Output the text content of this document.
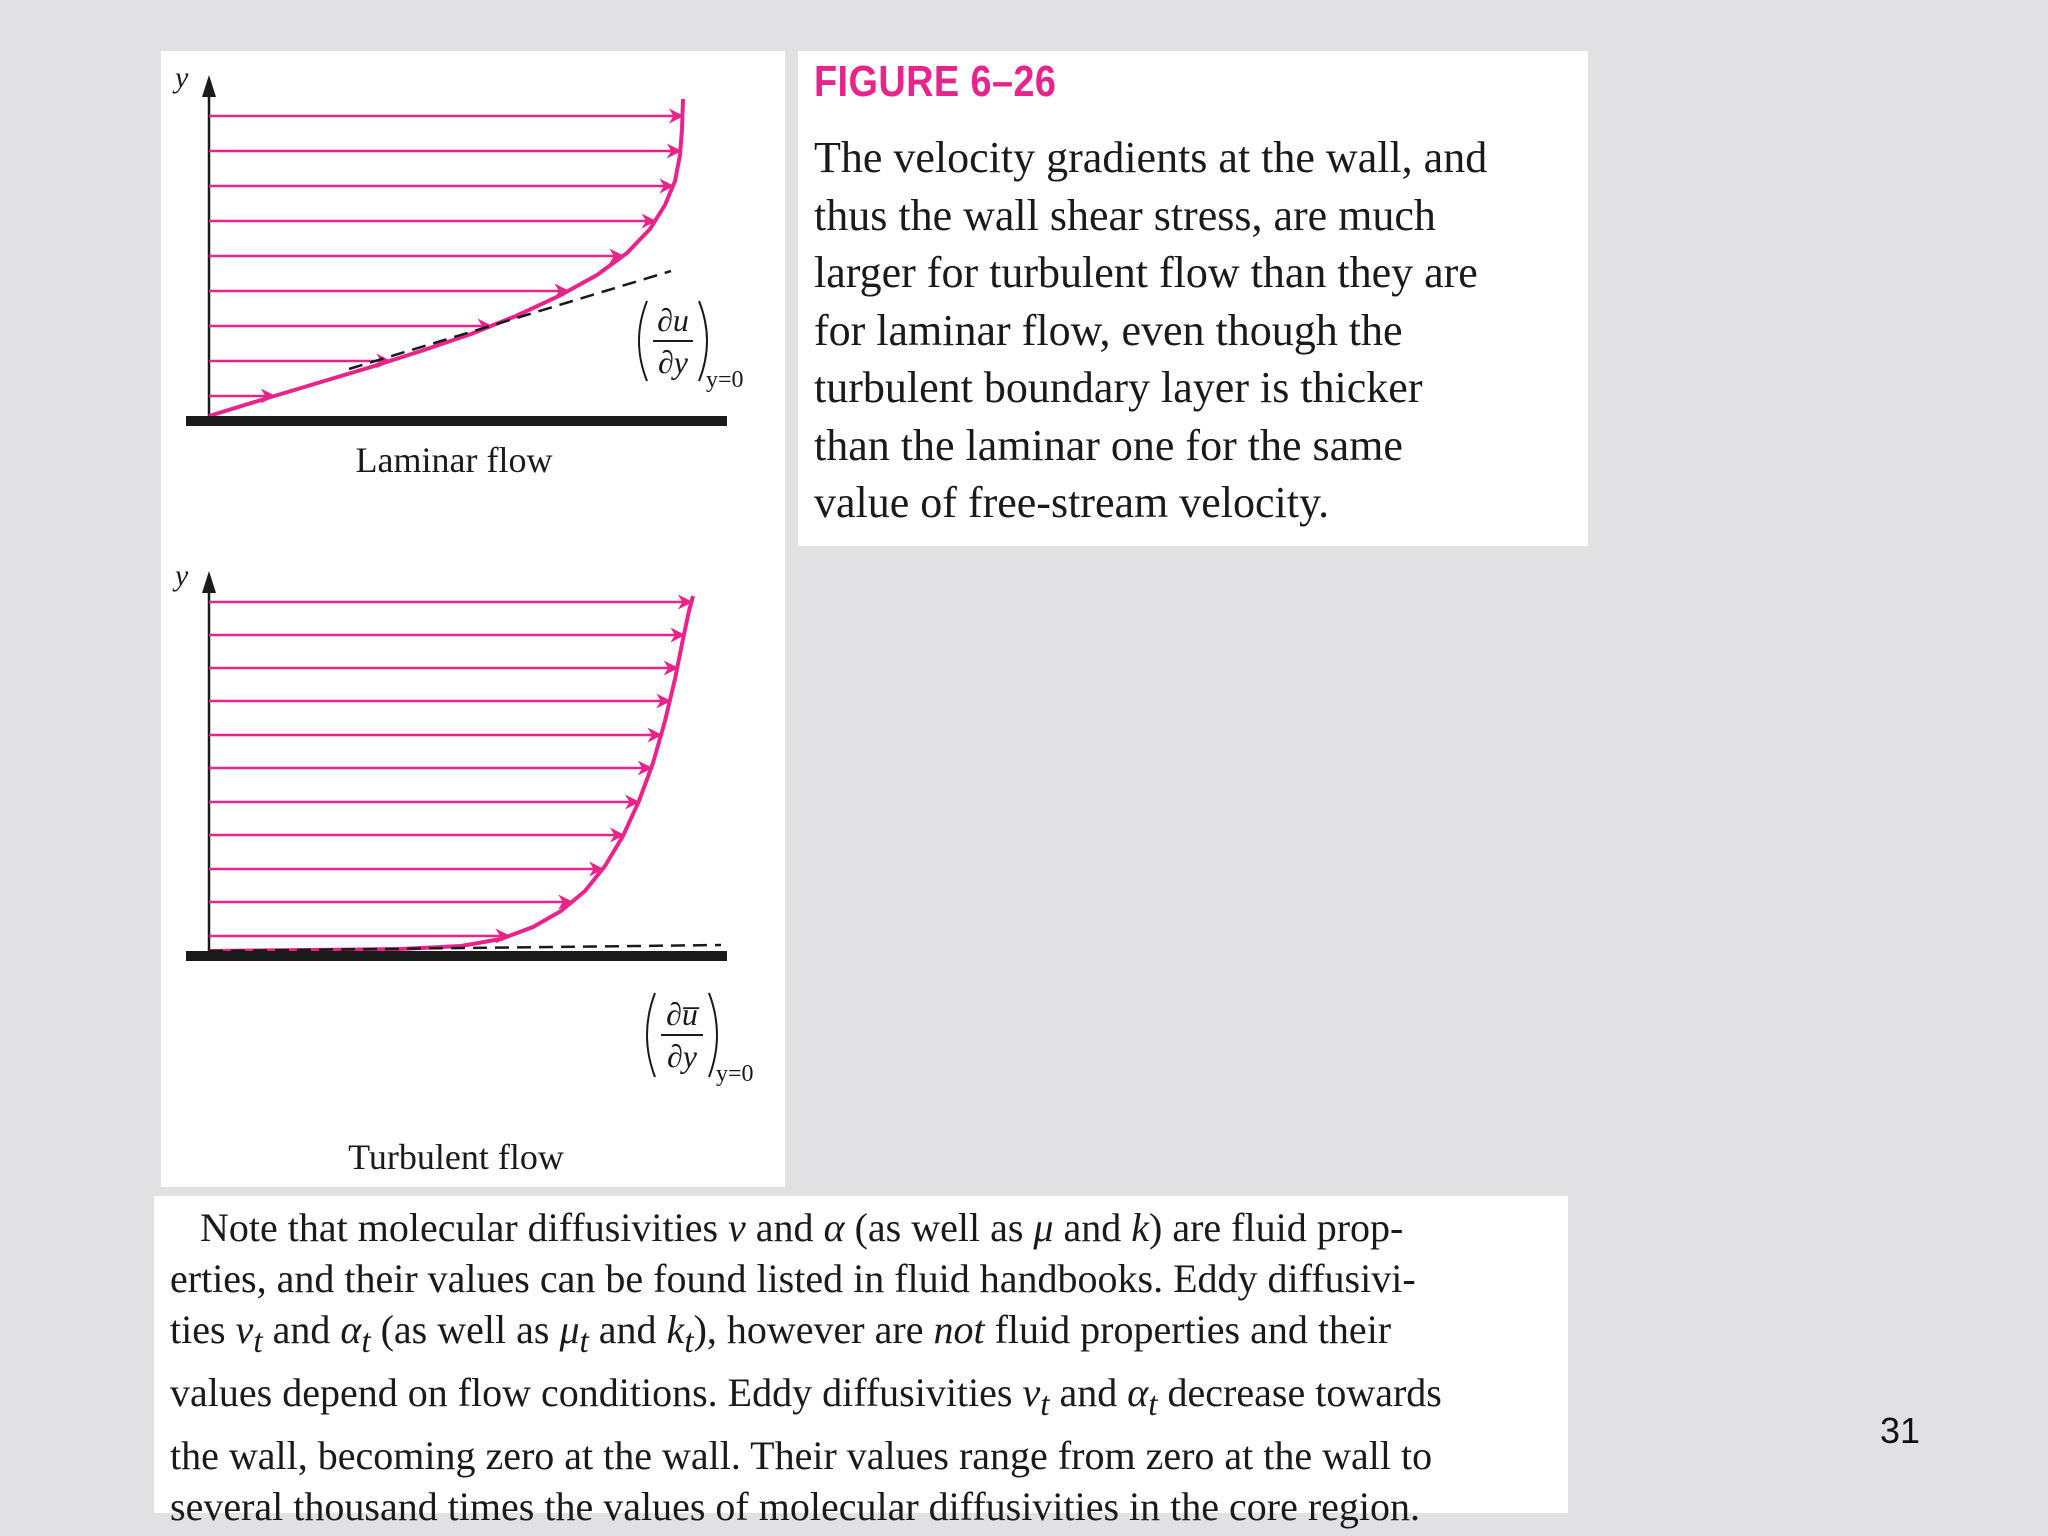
y
∂u
∂y y=0
Laminar flow
y
∂u̅
∂y y=0
Turbulent flow
FIGURE 6–26

The velocity gradients at the wall, and
thus the wall shear stress, are much
larger for turbulent flow than they are
for laminar flow, even though the
turbulent boundary layer is thicker
than the laminar one for the same
value of free-stream velocity.

Note that molecular diffusivities ν and α (as well as μ and k) are fluid prop-
erties, and their values can be found listed in fluid handbooks. Eddy diffusivi-
ties $\nu_t$ and $\alpha_t$ (as well as $\mu_t$ and $k_t$), however are not fluid properties and their
values depend on flow conditions. Eddy diffusivities $\nu_t$ and $\alpha_t$ decrease towards
the wall, becoming zero at the wall. Their values range from zero at the wall to
several thousand times the values of molecular diffusivities in the core region.

31
